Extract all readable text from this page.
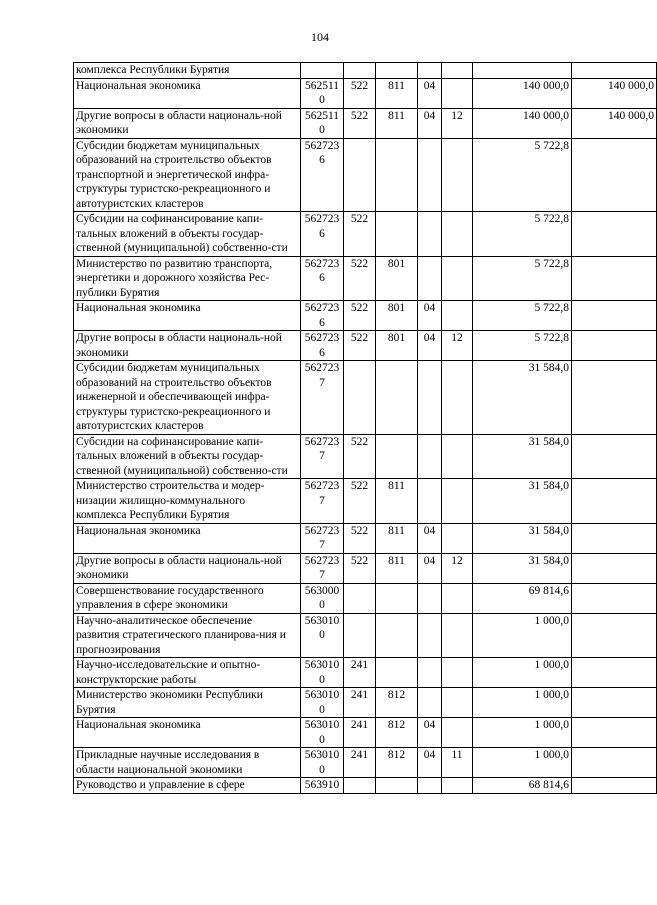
104
комплекса Республики Бурятия							
Национальная экономика	5625110	522	811	04		140 000,0	140 000,0
Другие вопросы в области националь-ной экономики	5625110	522	811	04	12	140 000,0	140 000,0
Субсидии бюджетам муниципальных образований на строительство объектов транспортной и энергетической инфра-структуры туристско-рекреационного и автотуристских кластеров	5627236					5 722,8	
Субсидии на софинансирование капи-тальных вложений в объекты государ-ственной (муниципальной) собственно-сти	5627236	522				5 722,8	
Министерство по развитию транспорта, энергетики и дорожного хозяйства Рес-публики Бурятия	5627236	522	801			5 722,8	
Национальная экономика	5627236	522	801	04		5 722,8	
Другие вопросы в области националь-ной экономики	5627236	522	801	04	12	5 722,8	
Субсидии бюджетам муниципальных образований на строительство объектов инженерной и обеспечивающей инфра-структуры туристско-рекреационного и автотуристских кластеров	5627237					31 584,0	
Субсидии на софинансирование капи-тальных вложений в объекты государ-ственной (муниципальной) собственно-сти	5627237	522				31 584,0	
Министерство строительства и модер-низации жилищно-коммунального комплекса Республики Бурятия	5627237	522	811			31 584,0	
Национальная экономика	5627237	522	811	04		31 584,0	
Другие вопросы в области националь-ной экономики	5627237	522	811	04	12	31 584,0	
Совершенствование государственного управления в сфере экономики	5630000					69 814,6	
Научно-аналитическое обеспечение развития стратегического планирова-ния и прогнозирования	5630100					1 000,0	
Научно-исследовательские и опытно-конструкторские работы	5630100	241				1 000,0	
Министерство экономики Республики Бурятия	5630100	241	812			1 000,0	
Национальная экономика	5630100	241	812	04		1 000,0	
Прикладные научные исследования в области национальной экономики	5630100	241	812	04	11	1 000,0	
Руководство и управление в сфере	563910					68 814,6	
